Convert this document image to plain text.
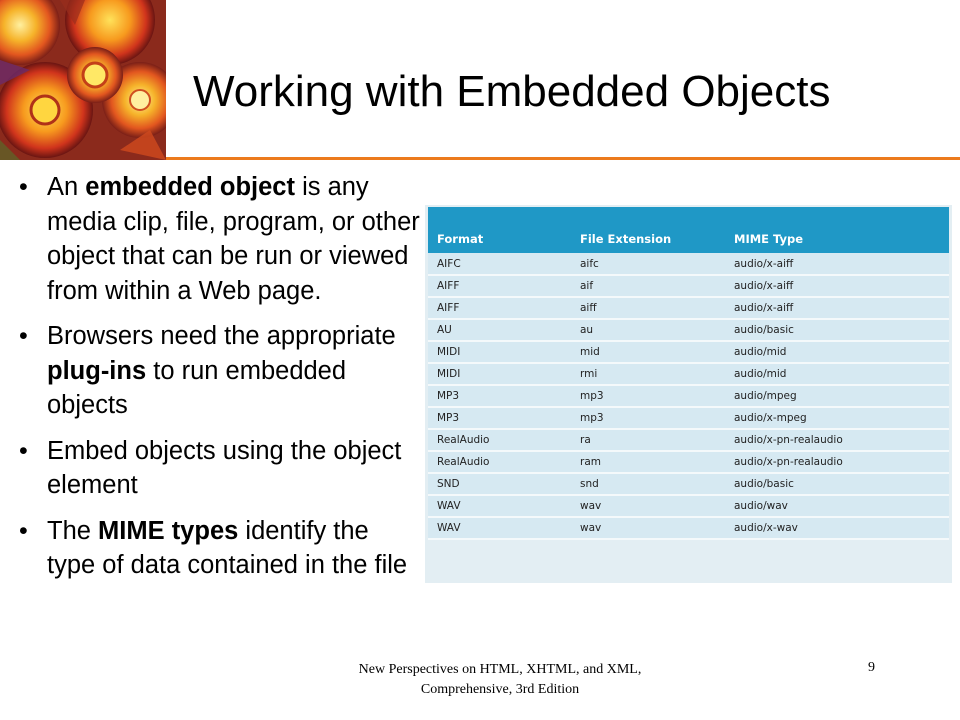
Working with Embedded Objects
• An embedded object is any media clip, file, program, or other object that can be run or viewed from within a Web page.
• Browsers need the appropriate plug-ins to run embedded objects
• Embed objects using the object element
• The MIME types identify the type of data contained in the file
Format	File Extension	MIME Type
AIFC	aifc	audio/x-aiff
AIFF	aif	audio/x-aiff
AIFF	aiff	audio/x-aiff
AU	au	audio/basic
MIDI	mid	audio/mid
MIDI	rmi	audio/mid
MP3	mp3	audio/mpeg
MP3	mp3	audio/x-mpeg
RealAudio	ra	audio/x-pn-realaudio
RealAudio	ram	audio/x-pn-realaudio
SND	snd	audio/basic
WAV	wav	audio/wav
WAV	wav	audio/x-wav
New Perspectives on HTML, XHTML, and XML,
Comprehensive, 3rd Edition
9
